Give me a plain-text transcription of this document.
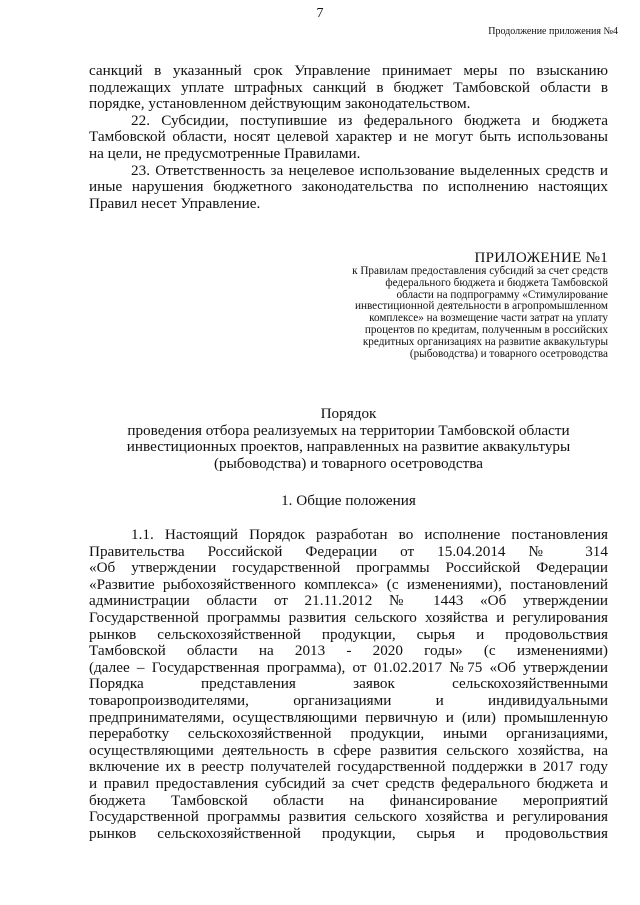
7
Продолжение приложения №4
санкций в указанный срок Управление принимает меры по взысканию
подлежащих уплате штрафных санкций в бюджет Тамбовской области в
порядке, установленном действующим законодательством.
22. Субсидии, поступившие из федерального бюджета и бюджета
Тамбовской области, носят целевой характер и не могут быть использованы
на цели, не предусмотренные Правилами.
23. Ответственность за нецелевое использование выделенных средств и
иные нарушения бюджетного законодательства по исполнению настоящих
Правил несет Управление.
ПРИЛОЖЕНИЕ №1
к Правилам предоставления субсидий за счет средств
федерального бюджета и бюджета Тамбовской
области на подпрограмму «Стимулирование
инвестиционной деятельности в агропромышленном
комплексе» на возмещение части затрат на уплату
процентов по кредитам, полученным в российских
кредитных организациях на развитие аквакультуры
(рыбоводства) и товарного осетроводства
Порядок
проведения отбора реализуемых на территории Тамбовской области
инвестиционных проектов, направленных на развитие аквакультуры
(рыбоводства) и товарного осетроводства
1. Общие положения
1.1. Настоящий Порядок разработан во исполнение постановления
Правительства Российской Федерации от 15.04.2014 № 314
«Об утверждении государственной программы Российской Федерации
«Развитие рыбохозяйственного комплекса» (с изменениями), постановлений
администрации области от 21.11.2012 № 1443 «Об утверждении
Государственной программы развития сельского хозяйства и регулирования
рынков сельскохозяйственной продукции, сырья и продовольствия
Тамбовской области на 2013 - 2020 годы» (с изменениями)
(далее – Государственная программа), от 01.02.2017 №75 «Об утверждении
Порядка представления заявок сельскохозяйственными
товаропроизводителями, организациями и индивидуальными
предпринимателями, осуществляющими первичную и (или) промышленную
переработку сельскохозяйственной продукции, иными организациями,
осуществляющими деятельность в сфере развития сельского хозяйства, на
включение их в реестр получателей государственной поддержки в 2017 году
и правил предоставления субсидий за счет средств федерального бюджета и
бюджета Тамбовской области на финансирование мероприятий
Государственной программы развития сельского хозяйства и регулирования
рынков сельскохозяйственной продукции, сырья и продовольствия
